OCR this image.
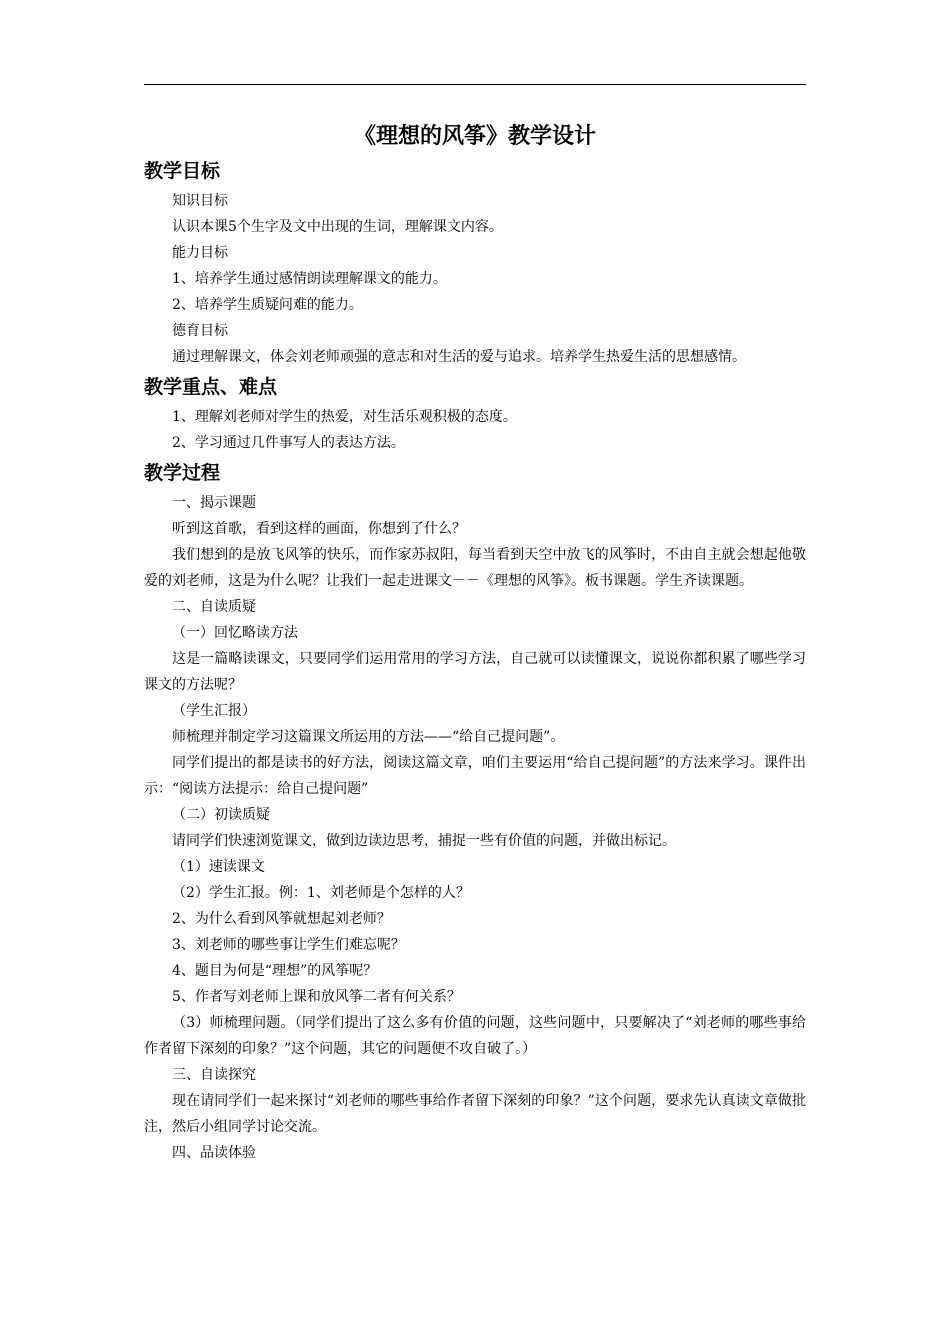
《理想的风筝》教学设计
教学目标

知识目标

认识本课5个生字及文中出现的生词，理解课文内容。

能力目标

1、培养学生通过感情朗读理解课文的能力。

2、培养学生质疑问难的能力。

德育目标

通过理解课文，体会刘老师顽强的意志和对生活的爱与追求。培养学生热爱生活的思想感情。

教学重点、难点

1、理解刘老师对学生的热爱，对生活乐观积极的态度。

2、学习通过几件事写人的表达方法。

教学过程

一、揭示课题

听到这首歌，看到这样的画面，你想到了什么？

我们想到的是放飞风筝的快乐，而作家苏叔阳，每当看到天空中放飞的风筝时，不由自主就会想起他敬爱的刘老师，这是为什么呢？让我们一起走进课文－－《理想的风筝》。板书课题。学生齐读课题。

二、自读质疑

（一）回忆略读方法

这是一篇略读课文，只要同学们运用常用的学习方法，自己就可以读懂课文，说说你都积累了哪些学习课文的方法呢？

（学生汇报）

师梳理并制定学习这篇课文所运用的方法——“给自己提问题”。

同学们提出的都是读书的好方法，阅读这篇文章，咱们主要运用“给自己提问题”的方法来学习。课件出示：“阅读方法提示：给自己提问题”

（二）初读质疑

请同学们快速浏览课文，做到边读边思考，捕捉一些有价值的问题，并做出标记。

（1）速读课文

（2）学生汇报。例：1、刘老师是个怎样的人？

2、为什么看到风筝就想起刘老师？

3、刘老师的哪些事让学生们难忘呢？

4、题目为何是“理想”的风筝呢？

5、作者写刘老师上课和放风筝二者有何关系？

（3）师梳理问题。（同学们提出了这么多有价值的问题，这些问题中，只要解决了“刘老师的哪些事给作者留下深刻的印象？”这个问题，其它的问题便不攻自破了。）

三、自读探究

现在请同学们一起来探讨“刘老师的哪些事给作者留下深刻的印象？”这个问题，要求先认真读文章做批注，然后小组同学讨论交流。

四、品读体验
